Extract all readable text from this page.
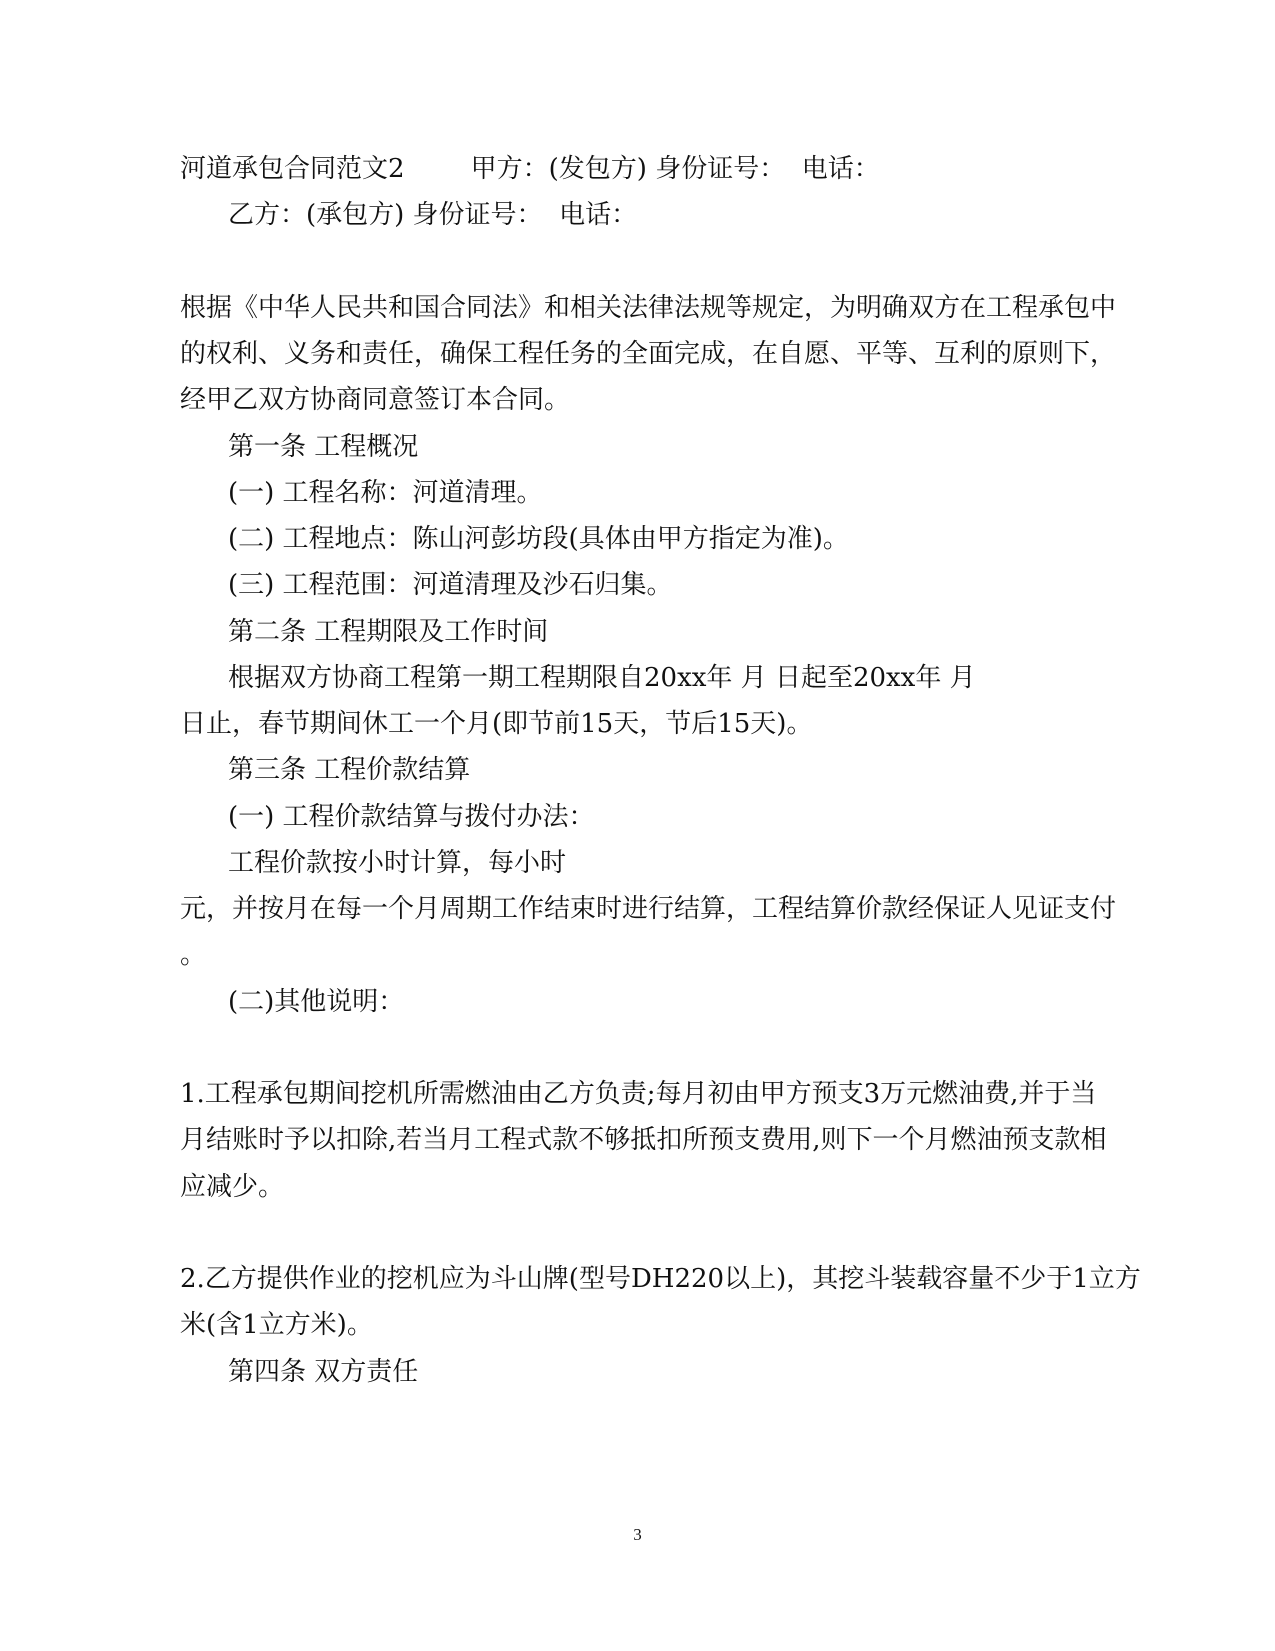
河道承包合同范文2        甲方：(发包方) 身份证号：  电话：
乙方：(承包方) 身份证号：  电话：
根据《中华人民共和国合同法》和相关法律法规等规定，为明确双方在工程承包中
的权利、义务和责任，确保工程任务的全面完成，在自愿、平等、互利的原则下，
经甲乙双方协商同意签订本合同。
第一条 工程概况
(一) 工程名称：河道清理。
(二) 工程地点：陈山河彭坊段(具体由甲方指定为准)。
(三) 工程范围：河道清理及沙石归集。
第二条 工程期限及工作时间
根据双方协商工程第一期工程期限自20xx年 月 日起至20xx年 月
日止，春节期间休工一个月(即节前15天，节后15天)。
第三条 工程价款结算
(一) 工程价款结算与拨付办法：
工程价款按小时计算，每小时
元，并按月在每一个月周期工作结束时进行结算，工程结算价款经保证人见证支付
。
(二)其他说明：
1.工程承包期间挖机所需燃油由乙方负责;每月初由甲方预支3万元燃油费,并于当
月结账时予以扣除,若当月工程式款不够抵扣所预支费用,则下一个月燃油预支款相
应减少。
2.乙方提供作业的挖机应为斗山牌(型号DH220以上)，其挖斗装载容量不少于1立方
米(含1立方米)。
第四条 双方责任
3
